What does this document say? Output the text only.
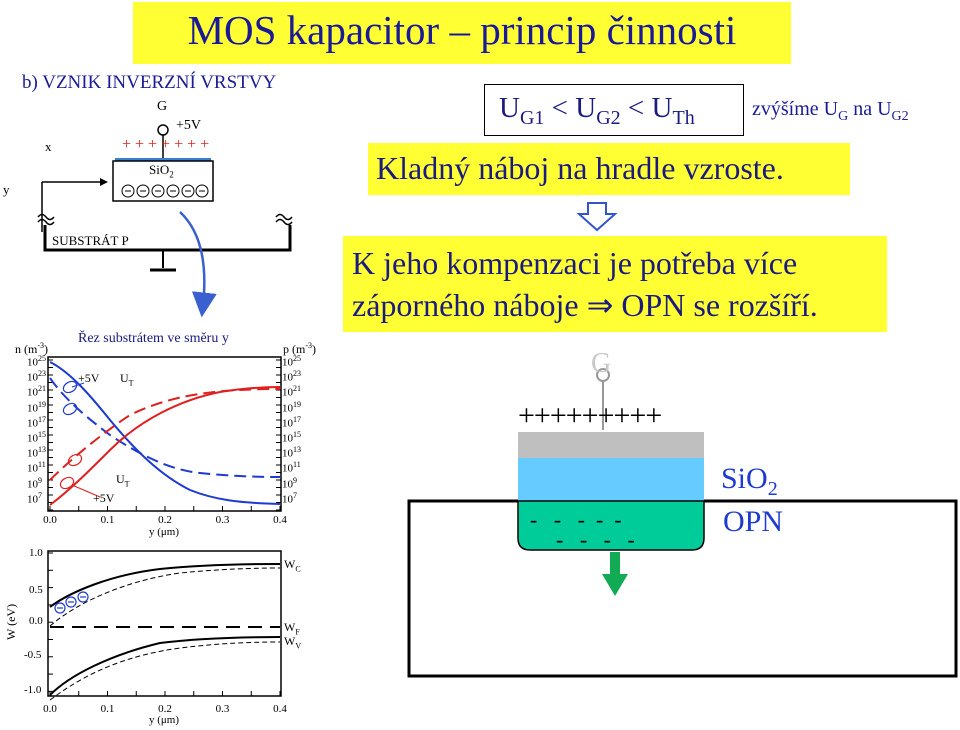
MOS kapacitor – princip činnosti
b) VZNIK INVERZNÍ VRSTVY
$U_{G1} < U_{G2} < U_{Th}$	zvýšíme $U_G$ na $U_{G2}$
Kladný náboj na hradle vzroste.
K jeho kompenzaci je potřeba více
záporného náboje ⇒ OPN se rozšíří.
G
+5V
+ + + + + + +
SiO$_2$
SUBSTRÁT P
x
y
Řez substrátem ve směru y
n $(m^{-3})$	p $(m^{-3})$
$10^{25}$
$10^{23}$
$10^{21}$
$10^{19}$
$10^{17}$
$10^{15}$
$10^{13}$
$10^{11}$
$10^9$
$10^7$
$10^{25}$
$10^{23}$
$10^{21}$
$10^{19}$
$10^{17}$
$10^{15}$
$10^{13}$
$10^{11}$
$10^9$
$10^7$
0.0	0.1	0.2	0.3	0.4
y (μm)
+5V $U_T$
$U_T$
+5V
W (eV)
1.0
0.5
0.0
-0.5
-1.0
0.0	0.1	0.2	0.3	0.4
y (μm)
$W_C$
$W_F$
$W_V$
G
+++++++++
SiO$_2$
OPN
-   -   -  -  -
-   -   -   -
